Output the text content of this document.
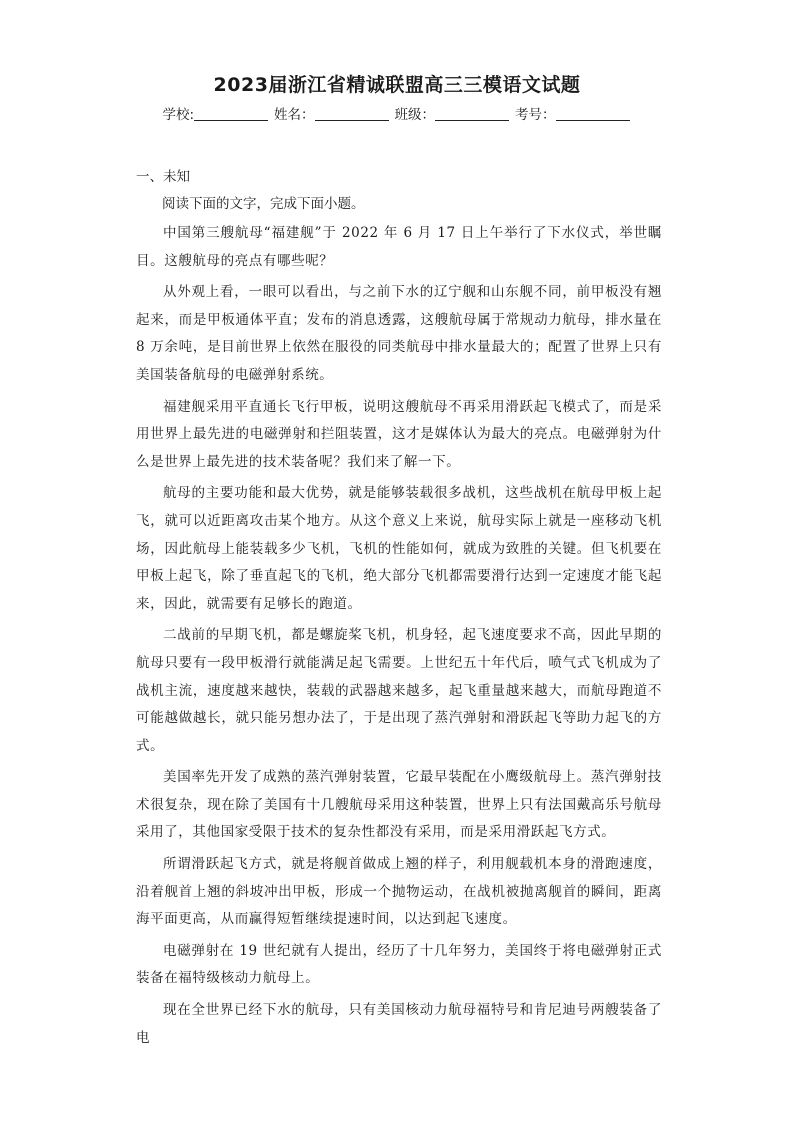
2023届浙江省精诚联盟高三三模语文试题
学校:	姓名：	班级：	考号：
一、未知
阅读下面的文字，完成下面小题。

中国第三艘航母“福建舰”于 2022 年 6 月 17 日上午举行了下水仪式，举世瞩目。这艘航母的亮点有哪些呢？

从外观上看，一眼可以看出，与之前下水的辽宁舰和山东舰不同，前甲板没有翘起来，而是甲板通体平直；发布的消息透露，这艘航母属于常规动力航母，排水量在 8 万余吨，是目前世界上依然在服役的同类航母中排水量最大的；配置了世界上只有美国装备航母的电磁弹射系统。

福建舰采用平直通长飞行甲板，说明这艘航母不再采用滑跃起飞模式了，而是采用世界上最先进的电磁弹射和拦阻装置，这才是媒体认为最大的亮点。电磁弹射为什么是世界上最先进的技术装备呢？我们来了解一下。

航母的主要功能和最大优势，就是能够装载很多战机，这些战机在航母甲板上起飞，就可以近距离攻击某个地方。从这个意义上来说，航母实际上就是一座移动飞机场，因此航母上能装载多少飞机，飞机的性能如何，就成为致胜的关键。但飞机要在甲板上起飞，除了垂直起飞的飞机，绝大部分飞机都需要滑行达到一定速度才能飞起来，因此，就需要有足够长的跑道。

二战前的早期飞机，都是螺旋桨飞机，机身轻，起飞速度要求不高，因此早期的航母只要有一段甲板滑行就能满足起飞需要。上世纪五十年代后，喷气式飞机成为了战机主流，速度越来越快，装载的武器越来越多，起飞重量越来越大，而航母跑道不可能越做越长，就只能另想办法了，于是出现了蒸汽弹射和滑跃起飞等助力起飞的方式。

美国率先开发了成熟的蒸汽弹射装置，它最早装配在小鹰级航母上。蒸汽弹射技术很复杂，现在除了美国有十几艘航母采用这种装置，世界上只有法国戴高乐号航母采用了，其他国家受限于技术的复杂性都没有采用，而是采用滑跃起飞方式。

所谓滑跃起飞方式，就是将舰首做成上翘的样子，利用舰载机本身的滑跑速度，沿着舰首上翘的斜坡冲出甲板，形成一个抛物运动，在战机被抛离舰首的瞬间，距离海平面更高，从而赢得短暂继续提速时间，以达到起飞速度。

电磁弹射在 19 世纪就有人提出，经历了十几年努力，美国终于将电磁弹射正式装备在福特级核动力航母上。

现在全世界已经下水的航母，只有美国核动力航母福特号和肯尼迪号两艘装备了电
